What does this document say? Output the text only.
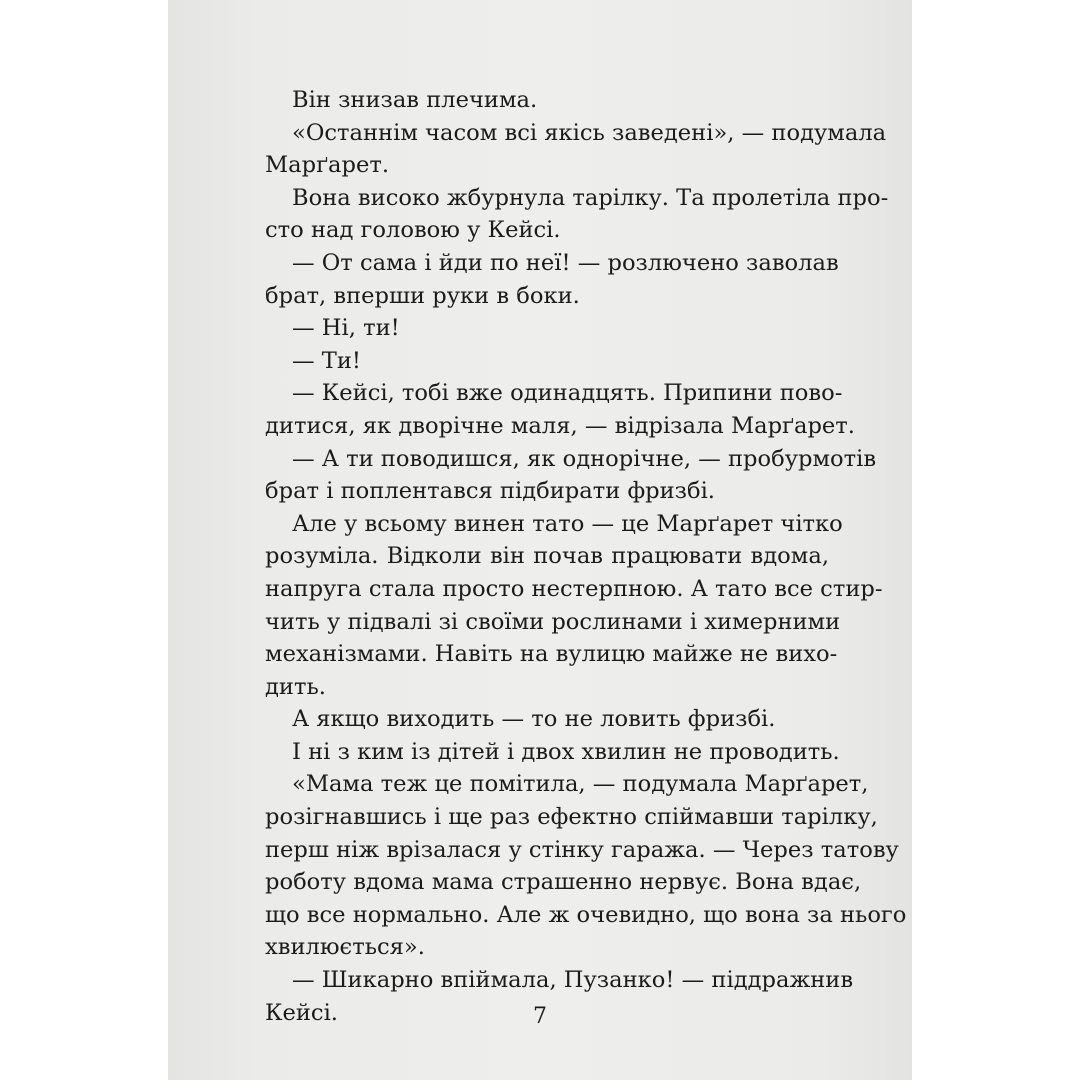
Він знизав плечима.

«Останнім часом всі якісь заведені», — подумала
Марґарет.

Вона високо жбурнула тарілку. Та пролетіла про-
сто над головою у Кейсі.

— От сама і йди по неї! — розлючено заволав
брат, вперши руки в боки.

— Ні, ти!

— Ти!

— Кейсі, тобі вже одинадцять. Припини пово-
дитися, як дворічне маля, — відрізала Марґарет.

— А ти поводишся, як однорічне, — пробурмотів
брат і поплентався підбирати фризбі.

Але у всьому винен тато — це Марґарет чітко
розуміла. Відколи він почав працювати вдома,
напруга стала просто нестерпною. А тато все стир-
чить у підвалі зі своїми рослинами і химерними
механізмами. Навіть на вулицю майже не вихо-
дить.

А якщо виходить — то не ловить фризбі.

І ні з ким із дітей і двох хвилин не проводить.

«Мама теж це помітила, — подумала Марґарет,
розігнавшись і ще раз ефектно спіймавши тарілку,
перш ніж врізалася у стінку гаража. — Через татову
роботу вдома мама страшенно нервує. Вона вдає,
що все нормально. Але ж очевидно, що вона за нього
хвилюється».

— Шикарно впіймала, Пузанко! — піддражнив
Кейсі.	7
